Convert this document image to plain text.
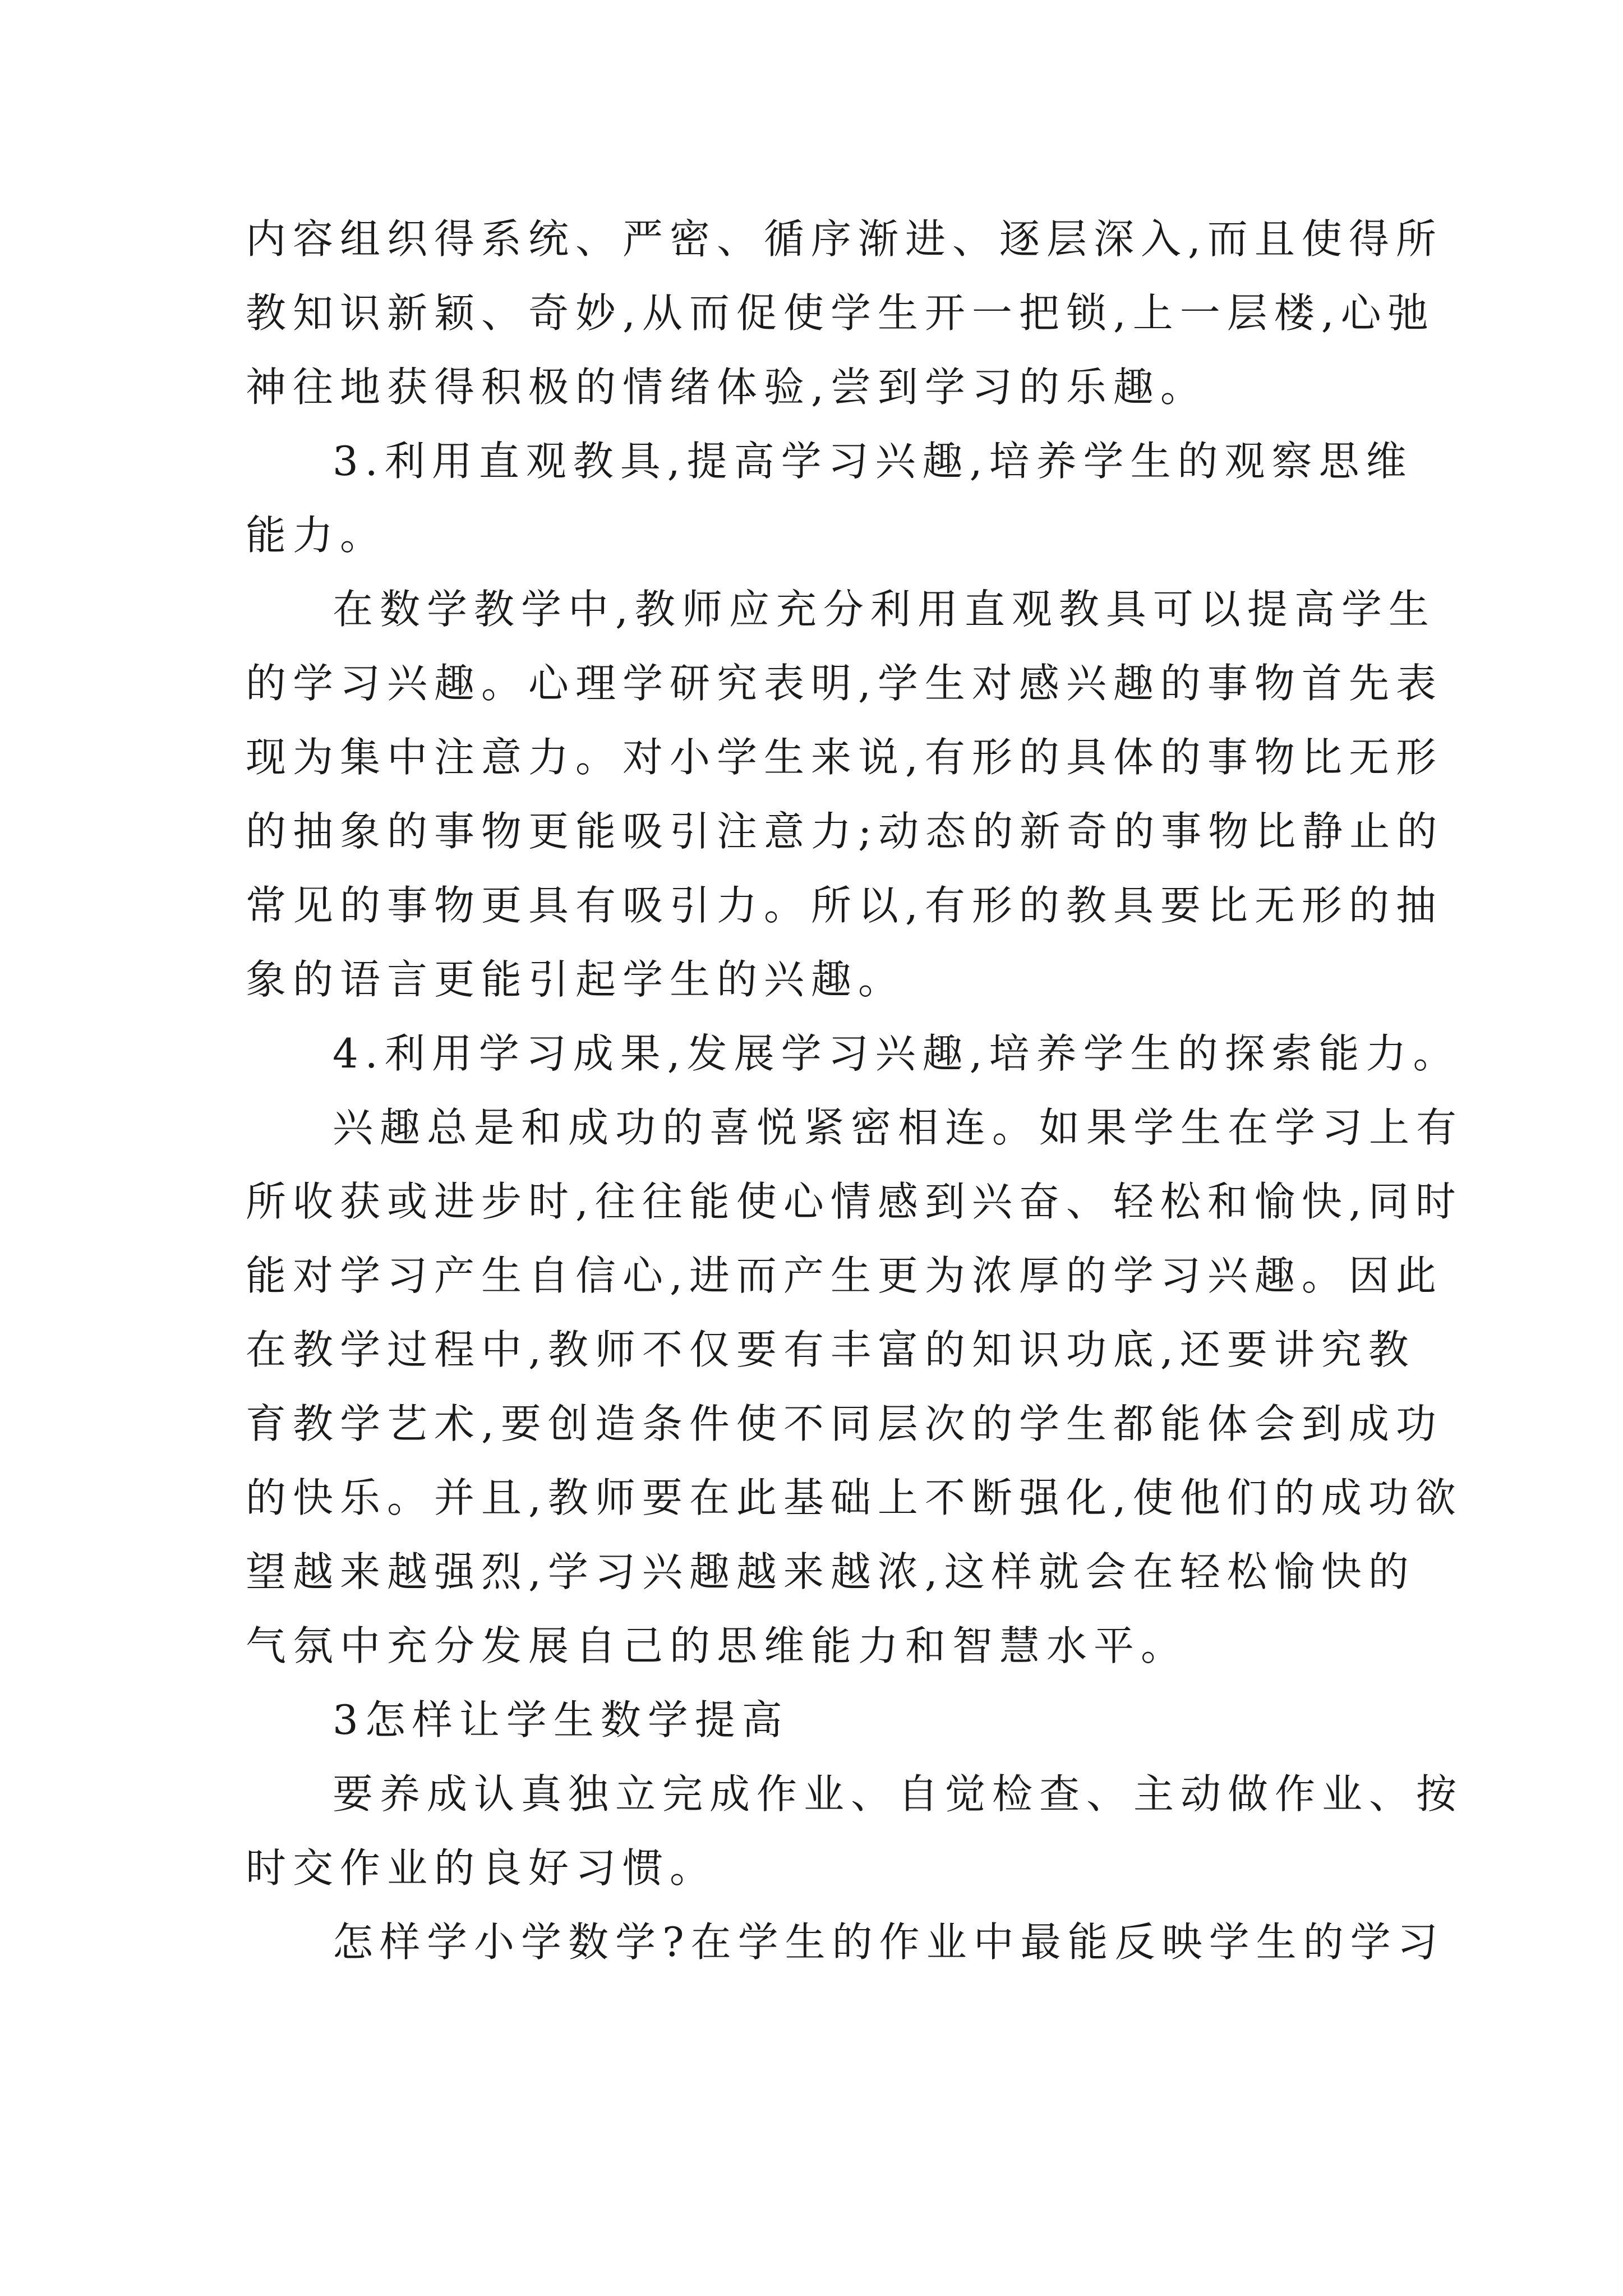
内容组织得系统、严密、循序渐进、逐层深入,而且使得所
教知识新颖、奇妙,从而促使学生开一把锁,上一层楼,心弛
神往地获得积极的情绪体验,尝到学习的乐趣。
3.利用直观教具,提高学习兴趣,培养学生的观察思维
能力。
在数学教学中,教师应充分利用直观教具可以提高学生
的学习兴趣。心理学研究表明,学生对感兴趣的事物首先表
现为集中注意力。对小学生来说,有形的具体的事物比无形
的抽象的事物更能吸引注意力;动态的新奇的事物比静止的
常见的事物更具有吸引力。所以,有形的教具要比无形的抽
象的语言更能引起学生的兴趣。
4.利用学习成果,发展学习兴趣,培养学生的探索能力。
兴趣总是和成功的喜悦紧密相连。如果学生在学习上有
所收获或进步时,往往能使心情感到兴奋、轻松和愉快,同时
能对学习产生自信心,进而产生更为浓厚的学习兴趣。因此
在教学过程中,教师不仅要有丰富的知识功底,还要讲究教
育教学艺术,要创造条件使不同层次的学生都能体会到成功
的快乐。并且,教师要在此基础上不断强化,使他们的成功欲
望越来越强烈,学习兴趣越来越浓,这样就会在轻松愉快的
气氛中充分发展自己的思维能力和智慧水平。
3怎样让学生数学提高
要养成认真独立完成作业、自觉检查、主动做作业、按
时交作业的良好习惯。
怎样学小学数学?在学生的作业中最能反映学生的学习
